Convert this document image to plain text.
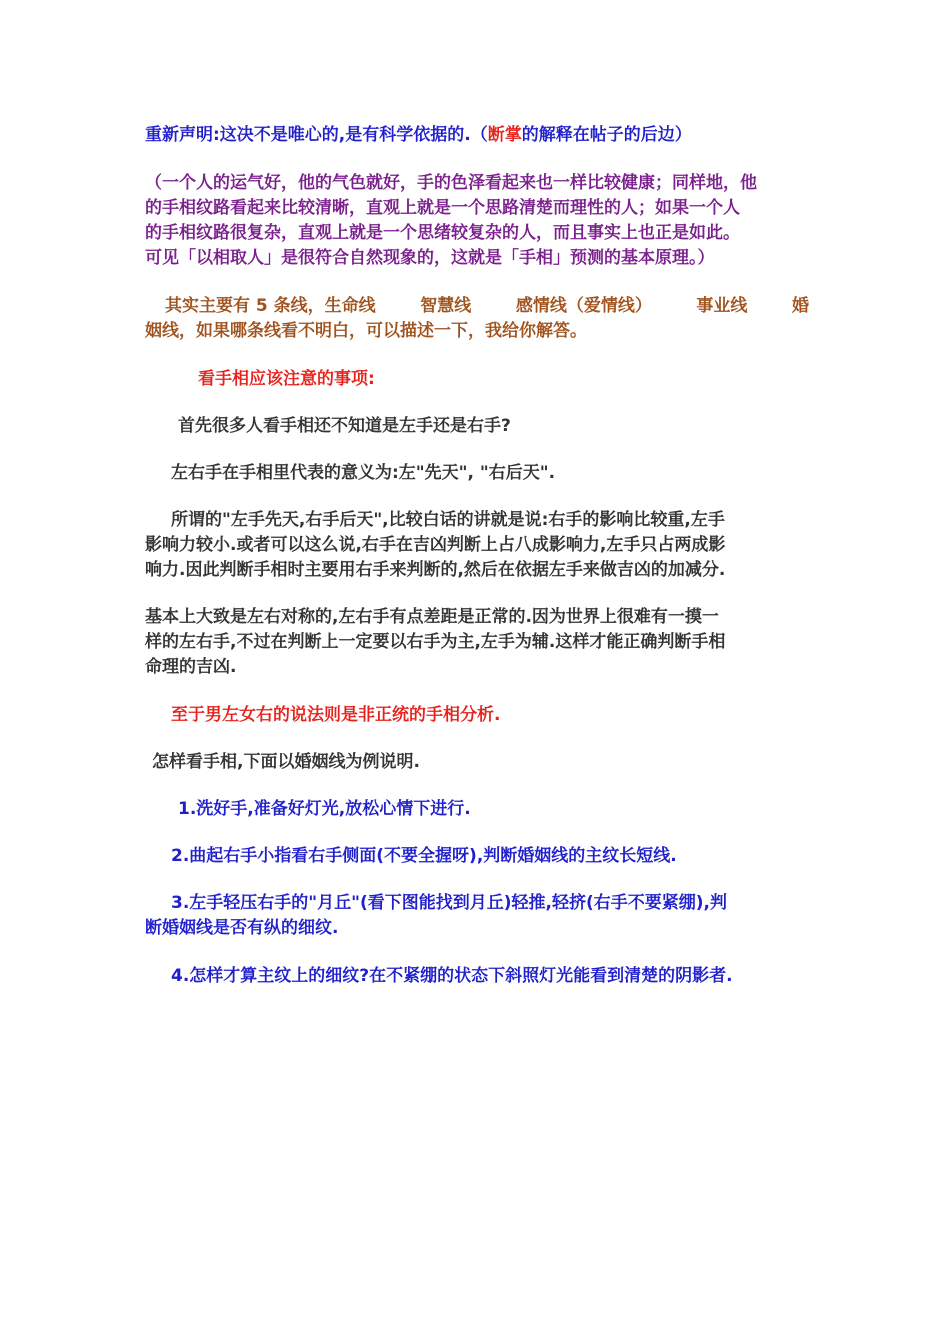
重新声明:这决不是唯心的,是有科学依据的.（断掌的解释在帖子的后边）

（一个人的运气好，他的气色就好，手的色泽看起来也一样比较健康；同样地，他
的手相纹路看起来比较清晰，直观上就是一个思路清楚而理性的人；如果一个人
的手相纹路很复杂，直观上就是一个思绪较复杂的人，而且事实上也正是如此。
可见「以相取人」是很符合自然现象的，这就是「手相」预测的基本原理。）

其实主要有 5 条线，生命线	智慧线	感情线（爱情线）	事业线	婚
姻线，如果哪条线看不明白，可以描述一下，我给你解答。

看手相应该注意的事项:

首先很多人看手相还不知道是左手还是右手?

左右手在手相里代表的意义为:左"先天", "右后天".

所谓的"左手先天,右手后天",比较白话的讲就是说:右手的影响比较重,左手
影响力较小.或者可以这么说,右手在吉凶判断上占八成影响力,左手只占两成影
响力.因此判断手相时主要用右手来判断的,然后在依据左手来做吉凶的加减分.

基本上大致是左右对称的,左右手有点差距是正常的.因为世界上很难有一摸一
样的左右手,不过在判断上一定要以右手为主,左手为辅.这样才能正确判断手相
命理的吉凶.

至于男左女右的说法则是非正统的手相分析.

怎样看手相,下面以婚姻线为例说明.

1.洗好手,准备好灯光,放松心情下进行.

2.曲起右手小指看右手侧面(不要全握呀),判断婚姻线的主纹长短线.

3.左手轻压右手的"月丘"(看下图能找到月丘)轻推,轻挤(右手不要紧绷),判
断婚姻线是否有纵的细纹.

4.怎样才算主纹上的细纹?在不紧绷的状态下斜照灯光能看到清楚的阴影者.
